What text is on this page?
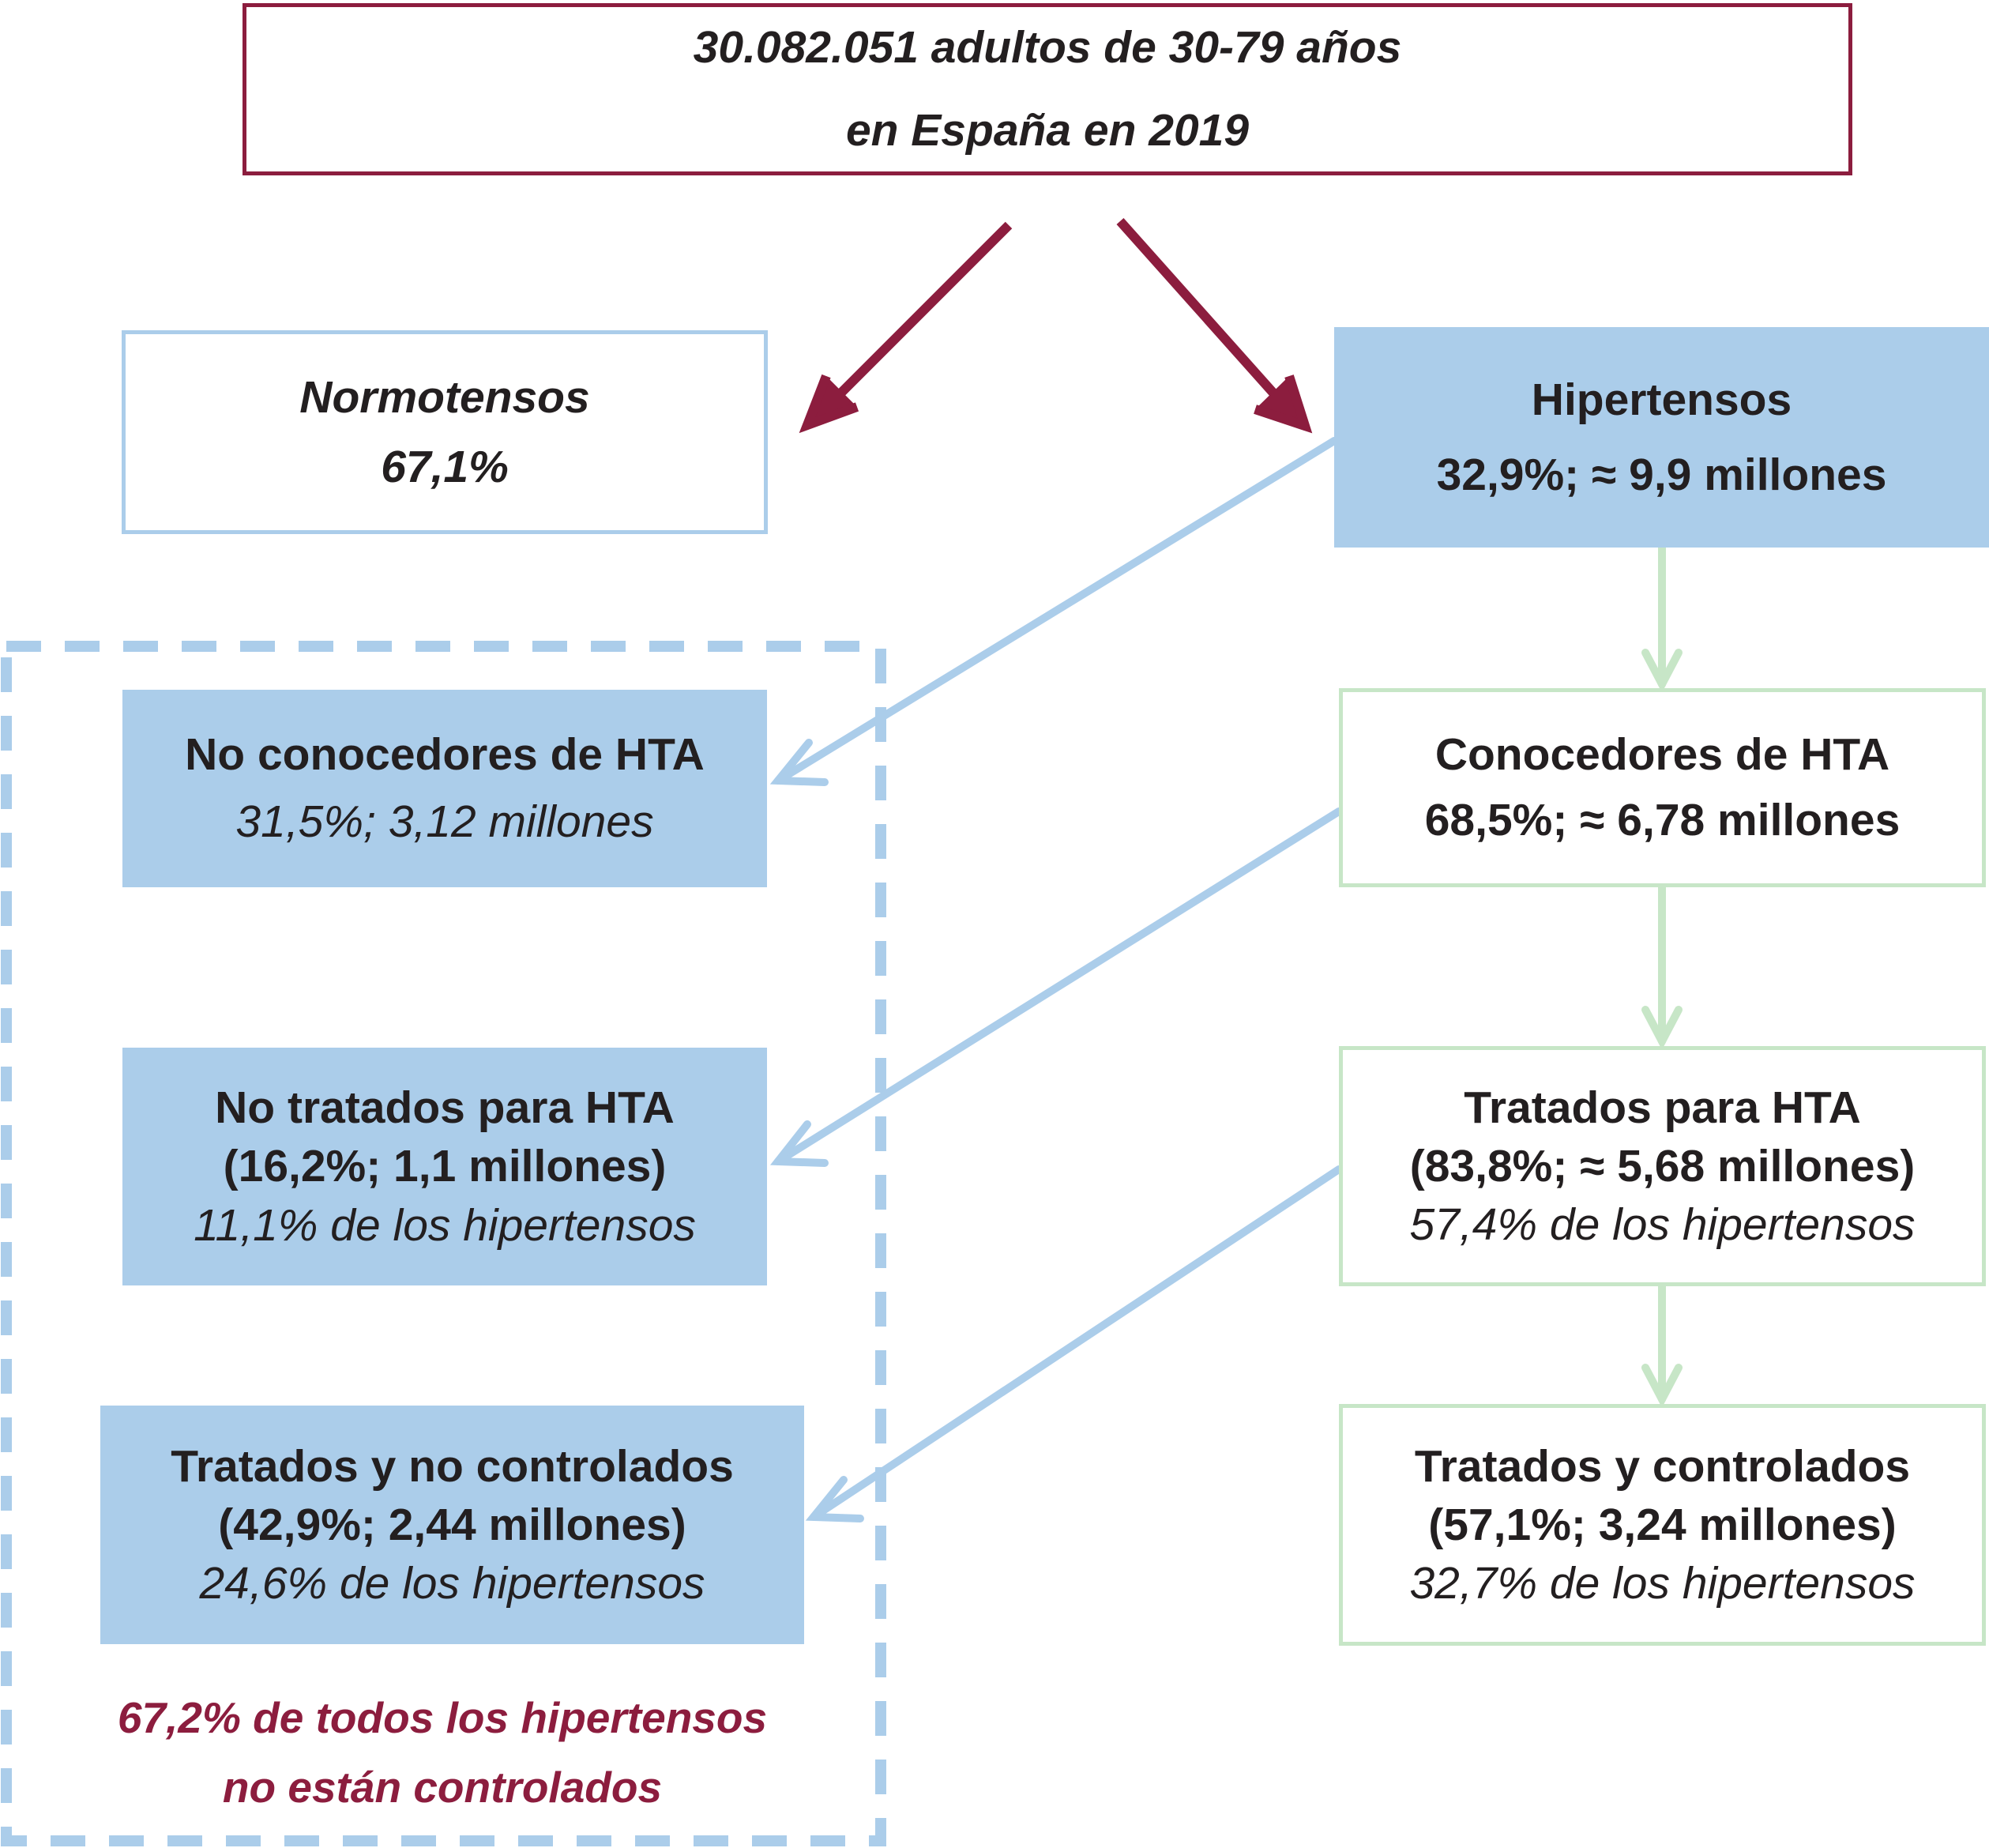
30.082.051 adultos de 30-79 años
en España en 2019
Normotensos
67,1%
Hipertensos
32,9%; ≈ 9,9 millones
No conocedores de HTA
31,5%; 3,12 millones
No tratados para HTA
(16,2%; 1,1 millones)
11,1% de los hipertensos
Tratados y no controlados
(42,9%; 2,44 millones)
24,6% de los hipertensos
67,2% de todos los hipertensos
no están controlados
Conocedores de HTA
68,5%; ≈ 6,78 millones
Tratados para HTA
(83,8%; ≈ 5,68 millones)
57,4% de los hipertensos
Tratados y controlados
(57,1%; 3,24 millones)
32,7% de los hipertensos
